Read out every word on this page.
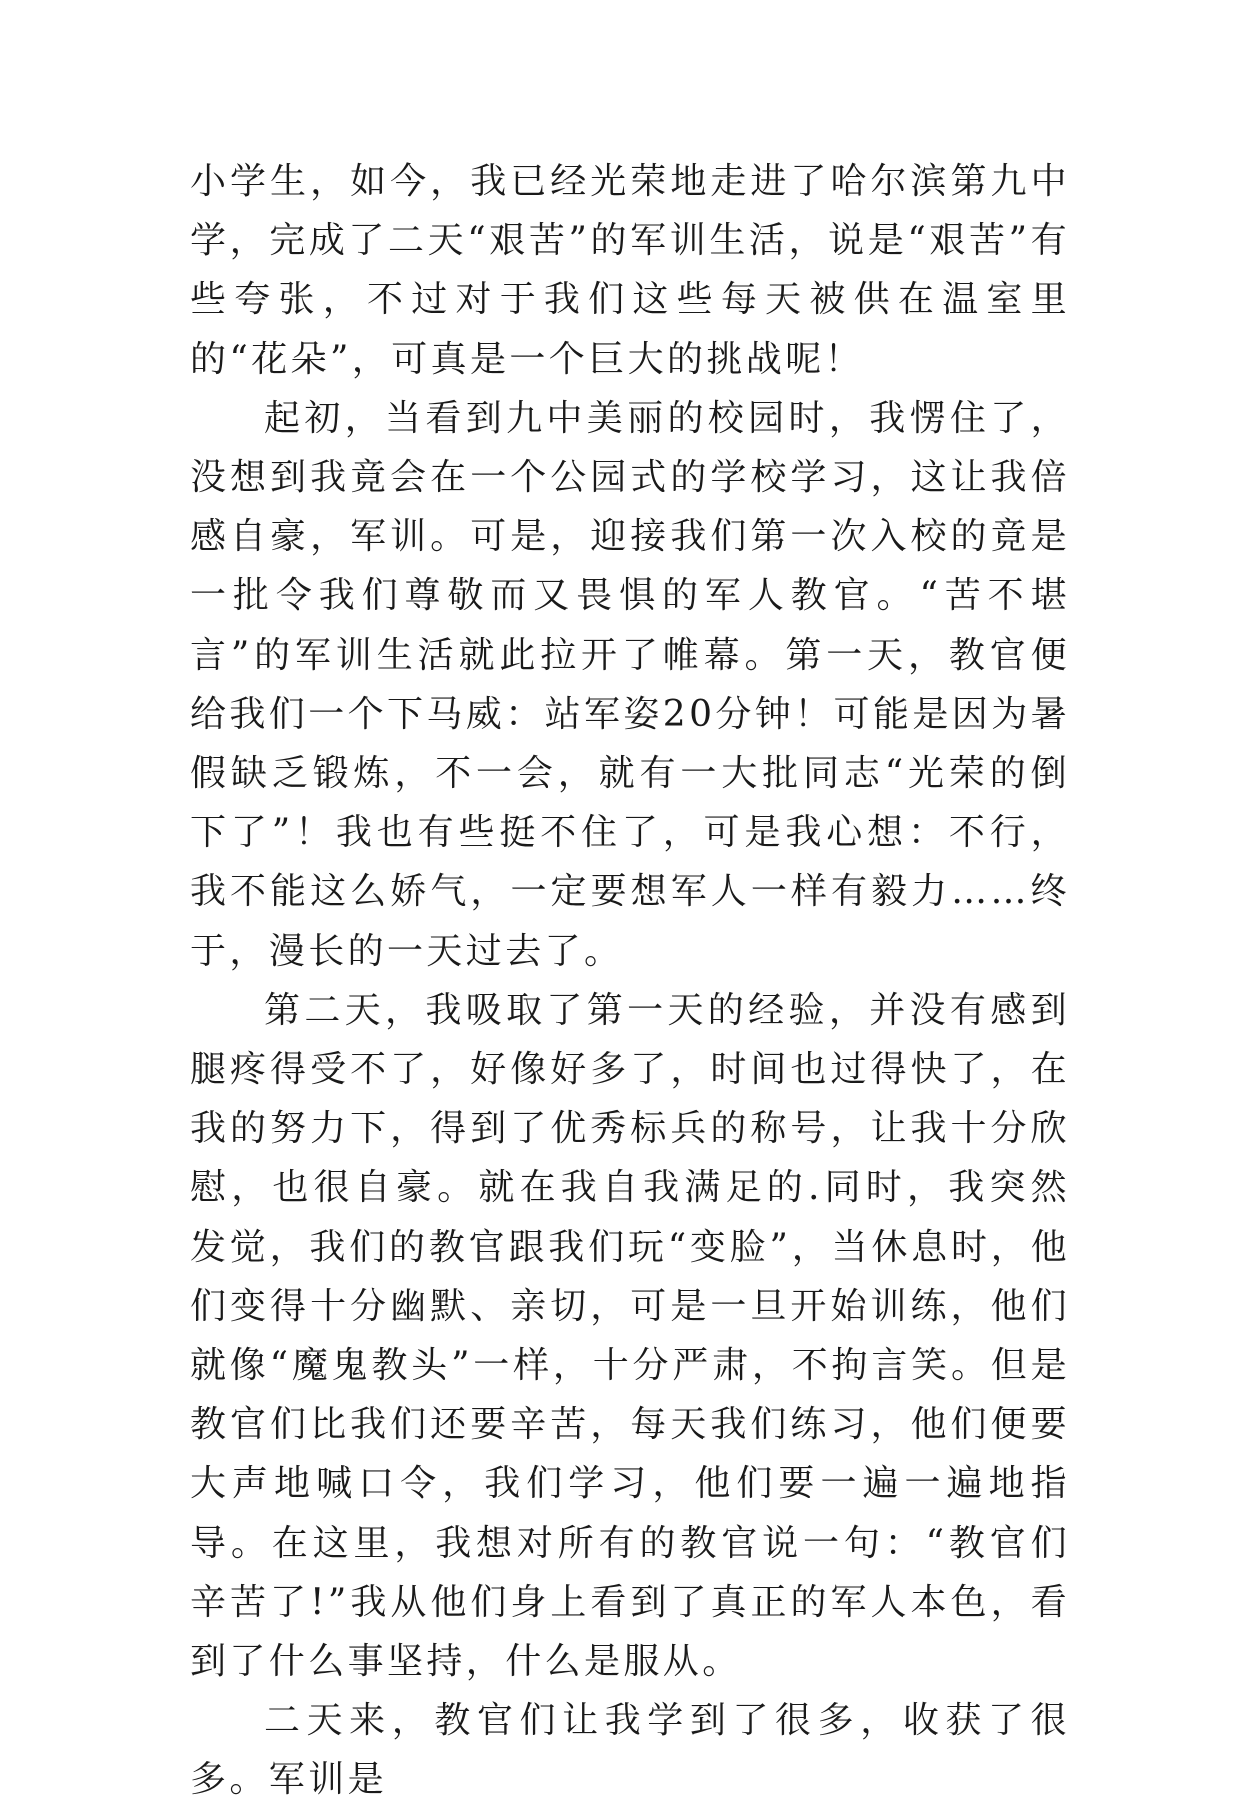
小学生，如今，我已经光荣地走进了哈尔滨第九中学，完成了二天“艰苦”的军训生活，说是“艰苦”有些夸张，不过对于我们这些每天被供在温室里的“花朵”，可真是一个巨大的挑战呢！

起初，当看到九中美丽的校园时，我愣住了，没想到我竟会在一个公园式的学校学习，这让我倍感自豪，军训。可是，迎接我们第一次入校的竟是一批令我们尊敬而又畏惧的军人教官。“苦不堪言”的军训生活就此拉开了帷幕。第一天，教官便给我们一个下马威：站军姿20分钟！可能是因为暑假缺乏锻炼，不一会，就有一大批同志“光荣的倒下了”！我也有些挺不住了，可是我心想：不行，我不能这么娇气，一定要想军人一样有毅力……终于，漫长的一天过去了。

第二天，我吸取了第一天的经验，并没有感到腿疼得受不了，好像好多了，时间也过得快了，在我的努力下，得到了优秀标兵的称号，让我十分欣慰，也很自豪。就在我自我满足的.同时，我突然发觉，我们的教官跟我们玩“变脸”，当休息时，他们变得十分幽默、亲切，可是一旦开始训练，他们就像“魔鬼教头”一样，十分严肃，不拘言笑。但是教官们比我们还要辛苦，每天我们练习，他们便要大声地喊口令，我们学习，他们要一遍一遍地指导。在这里，我想对所有的教官说一句：“教官们辛苦了!”我从他们身上看到了真正的军人本色，看到了什么事坚持，什么是服从。

二天来，教官们让我学到了很多，收获了很多。军训是
